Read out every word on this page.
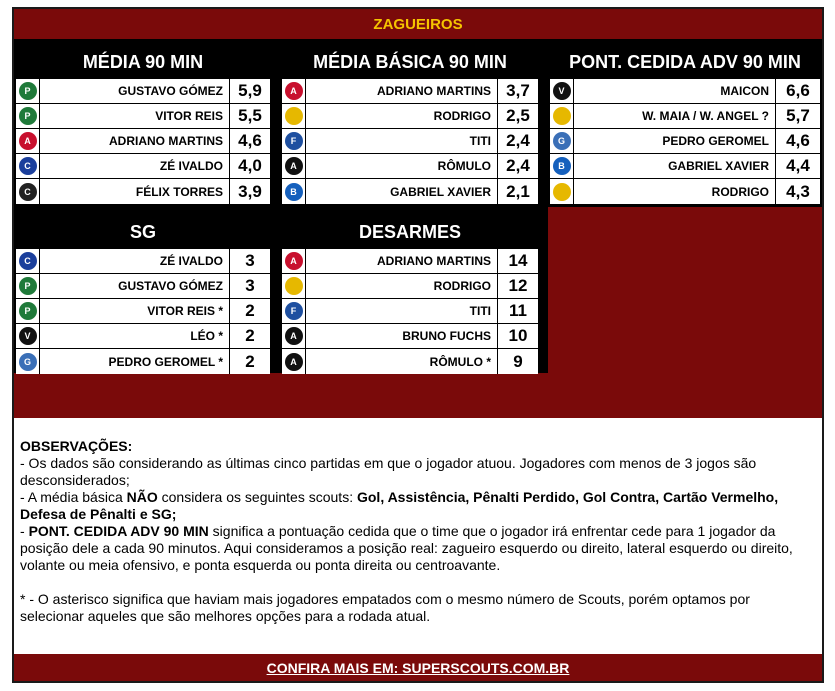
ZAGUEIROS
MÉDIA 90 MIN
P	GUSTAVO GÓMEZ 5,9
P	VITOR REIS 5,5
A	ADRIANO MARTINS 4,6
C	ZÉ IVALDO 4,0
C	FÉLIX TORRES 3,9
MÉDIA BÁSICA 90 MIN
A	ADRIANO MARTINS 3,7
RODRIGO 2,5
F	TITI 2,4
A	RÔMULO 2,4
B	GABRIEL XAVIER 2,1
PONT. CEDIDA ADV 90 MIN
V	MAICON	6,6
W. MAIA / W. ANGEL ?	5,7
G	PEDRO GEROMEL	4,6
B	GABRIEL XAVIER	4,4
RODRIGO	4,3
SG
C	ZÉ IVALDO	3
P	GUSTAVO GÓMEZ	3
P	VITOR REIS *	2
V	LÉO *	2
G	PEDRO GEROMEL *	2
DESARMES
A	ADRIANO MARTINS	14
RODRIGO	12
F	TITI	11
A	BRUNO FUCHS	10
A	RÔMULO *	9

OBSERVAÇÕES:

- Os dados são considerando as últimas cinco partidas em que o jogador atuou. Jogadores com menos de 3 jogos são desconsiderados;

- A média básica NÃO considera os seguintes scouts: Gol, Assistência, Pênalti Perdido, Gol Contra, Cartão Vermelho, Defesa de Pênalti e SG;

- PONT. CEDIDA ADV 90 MIN significa a pontuação cedida que o time que o jogador irá enfrentar cede para 1 jogador da posição dele a cada 90 minutos. Aqui consideramos a posição real: zagueiro esquerdo ou direito, lateral esquerdo ou direito, volante ou meia ofensivo, e ponta esquerda ou ponta direita ou centroavante.

* - O asterisco significa que haviam mais jogadores empatados com o mesmo número de Scouts, porém optamos por selecionar aqueles que são melhores opções para a rodada atual.

CONFIRA MAIS EM: SUPERSCOUTS.COM.BR
